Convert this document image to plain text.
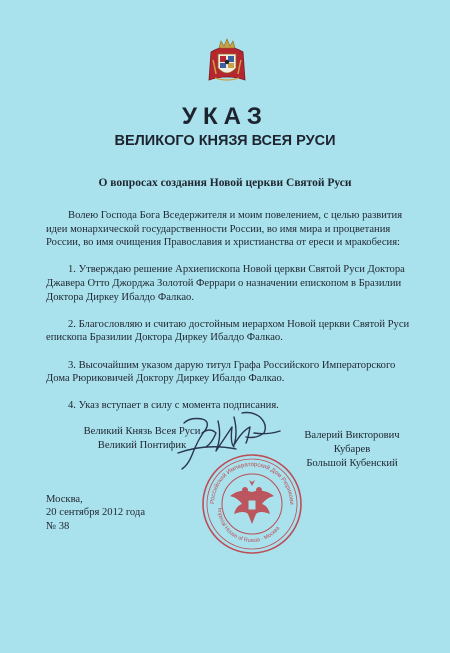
УКАЗ
ВЕЛИКОГО КНЯЗЯ ВСЕЯ РУСИ
О вопросах создания Новой церкви Святой Руси

Волею Господа Бога Вседержителя и моим повелением, с целью развития идеи монархической государственности России, во имя мира и процветания России, во имя очищения Православия и христианства от ереси и мракобесия:

1. Утверждаю решение Архиепископа Новой церкви Святой Руси Доктора Джавера Отто Джорджа Золотой Феррари о назначении епископом в Бразилии Доктора Диркеу Ибалдо Фалкао.

2. Благословляю и считаю достойным иерархом Новой церкви Святой Руси епископа Бразилии Доктора Диркеу Ибалдо Фалкао.

3. Высочайшим указом дарую титул Графа Российского Императорского Дома Рюриковичей Доктору Диркеу Ибалдо Фалкао.

4. Указ вступает в силу с момента подписания.

Великий Князь Всея Руси
Великий Понтифик
Российский Императорский Дом Рюрикови
Imperial House of Russia · Москва
Валерий Викторович Кубарев
Большой Кубенский
Москва,
20 сентября 2012 года
№ 38
